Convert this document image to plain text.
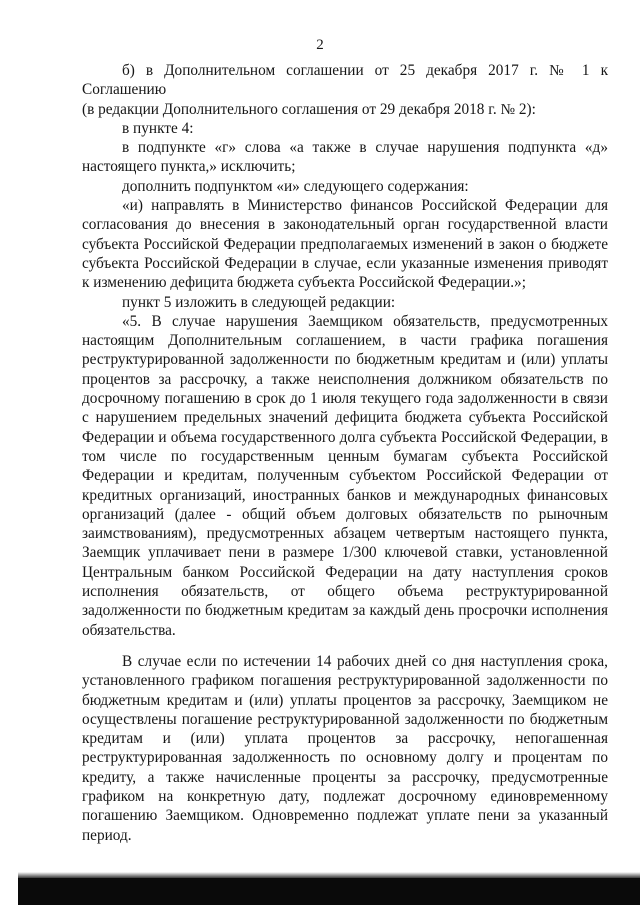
2

б) в Дополнительном соглашении от 25 декабря 2017 г. № 1 к Соглашению

(в редакции Дополнительного соглашения от 29 декабря 2018 г. № 2):

в пункте 4:

в подпункте «г» слова «а также в случае нарушения подпункта «д» настоящего пункта,» исключить;

дополнить подпунктом «и» следующего содержания:

«и) направлять в Министерство финансов Российской Федерации для согласования до внесения в законодательный орган государственной власти субъекта Российской Федерации предполагаемых изменений в закон о бюджете субъекта Российской Федерации в случае, если указанные изменения приводят к изменению дефицита бюджета субъекта Российской Федерации.»;

пункт 5 изложить в следующей редакции:

«5. В случае нарушения Заемщиком обязательств, предусмотренных настоящим Дополнительным соглашением, в части графика погашения реструктурированной задолженности по бюджетным кредитам и (или) уплаты процентов за рассрочку, а также неисполнения должником обязательств по досрочному погашению в срок до 1 июля текущего года задолженности в связи с нарушением предельных значений дефицита бюджета субъекта Российской Федерации и объема государственного долга субъекта Российской Федерации, в том числе по государственным ценным бумагам субъекта Российской Федерации и кредитам, полученным субъектом Российской Федерации от кредитных организаций, иностранных банков и международных финансовых организаций (далее - общий объем долговых обязательств по рыночным заимствованиям), предусмотренных абзацем четвертым настоящего пункта, Заемщик уплачивает пени в размере 1/300 ключевой ставки, установленной Центральным банком Российской Федерации на дату наступления сроков исполнения обязательств, от общего объема реструктурированной задолженности по бюджетным кредитам за каждый день просрочки исполнения обязательства.

В случае если по истечении 14 рабочих дней со дня наступления срока, установленного графиком погашения реструктурированной задолженности по бюджетным кредитам и (или) уплаты процентов за рассрочку, Заемщиком не осуществлены погашение реструктурированной задолженности по бюджетным кредитам и (или) уплата процентов за рассрочку, непогашенная реструктурированная задолженность по основному долгу и процентам по кредиту, а также начисленные проценты за рассрочку, предусмотренные графиком на конкретную дату, подлежат досрочному единовременному погашению Заемщиком. Одновременно подлежат уплате пени за указанный период.
